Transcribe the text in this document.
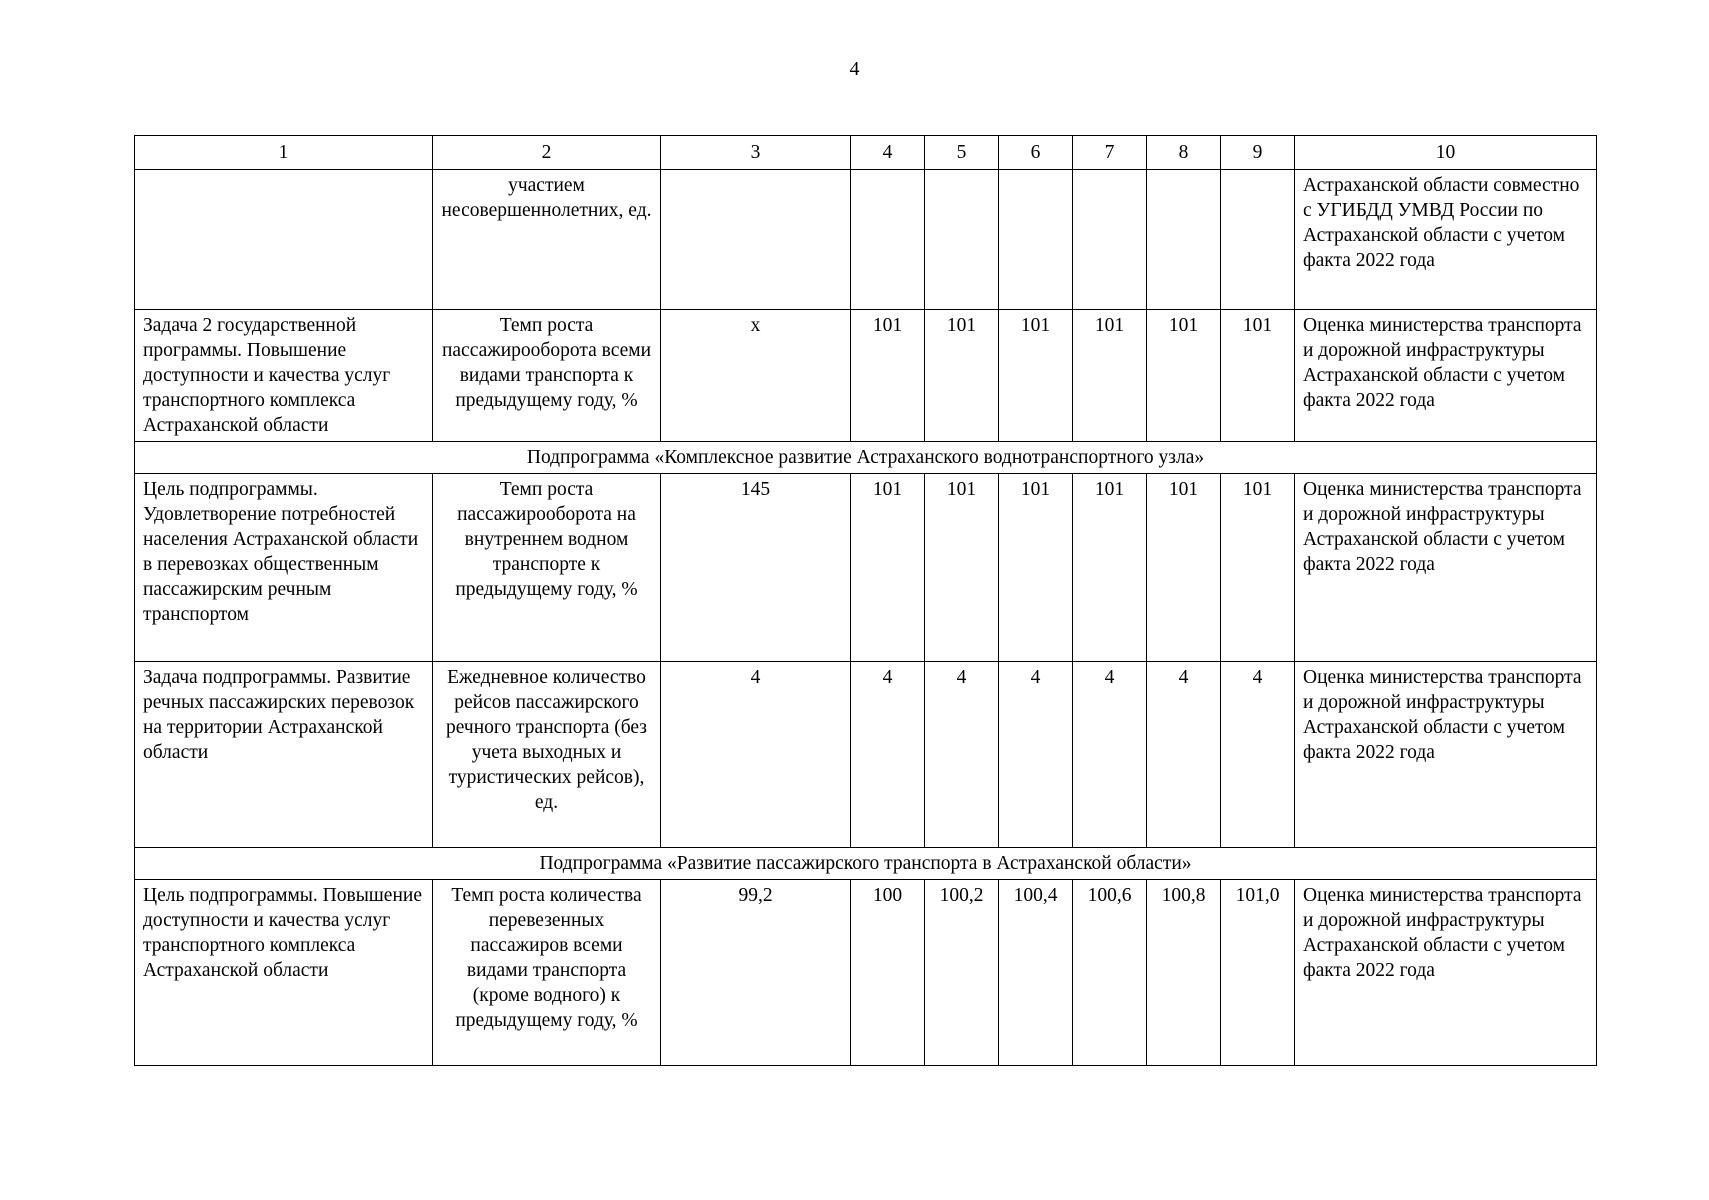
4
1	2	3	4	5	6	7	8	9	10
	участием несовершеннолетних, ед.								Астраханской области совместно с УГИБДД УМВД России по Астраханской области с учетом факта 2022 года
Задача 2 государственной программы. Повышение доступности и качества услуг транспортного комплекса Астраханской области	Темп роста пассажирооборота всеми видами транспорта к предыдущему году, %	х	101	101	101	101	101	101	Оценка министерства транспорта и дорожной инфраструктуры Астраханской области с учетом факта 2022 года
Подпрограмма «Комплексное развитие Астраханского воднотранспортного узла»									
Цель подпрограммы. Удовлетворение потребностей населения Астраханской области в перевозках общественным пассажирским речным транспортом	Темп роста пассажирооборота на внутреннем водном транспорте к предыдущему году, %	145	101	101	101	101	101	101	Оценка министерства транспорта и дорожной инфраструктуры Астраханской области с учетом факта 2022 года
Задача подпрограммы. Развитие речных пассажирских перевозок на территории Астраханской области	Ежедневное количество рейсов пассажирского речного транспорта (без учета выходных и туристических рейсов), ед.	4	4	4	4	4	4	4	Оценка министерства транспорта и дорожной инфраструктуры Астраханской области с учетом факта 2022 года
Подпрограмма «Развитие пассажирского транспорта в Астраханской области»									
Цель подпрограммы. Повышение доступности и качества услуг транспортного комплекса Астраханской области	Темп роста количества перевезенных пассажиров всеми видами транспорта (кроме водного) к предыдущему году, %	99,2	100	100,2	100,4	100,6	100,8	101,0	Оценка министерства транспорта и дорожной инфраструктуры Астраханской области с учетом факта 2022 года
